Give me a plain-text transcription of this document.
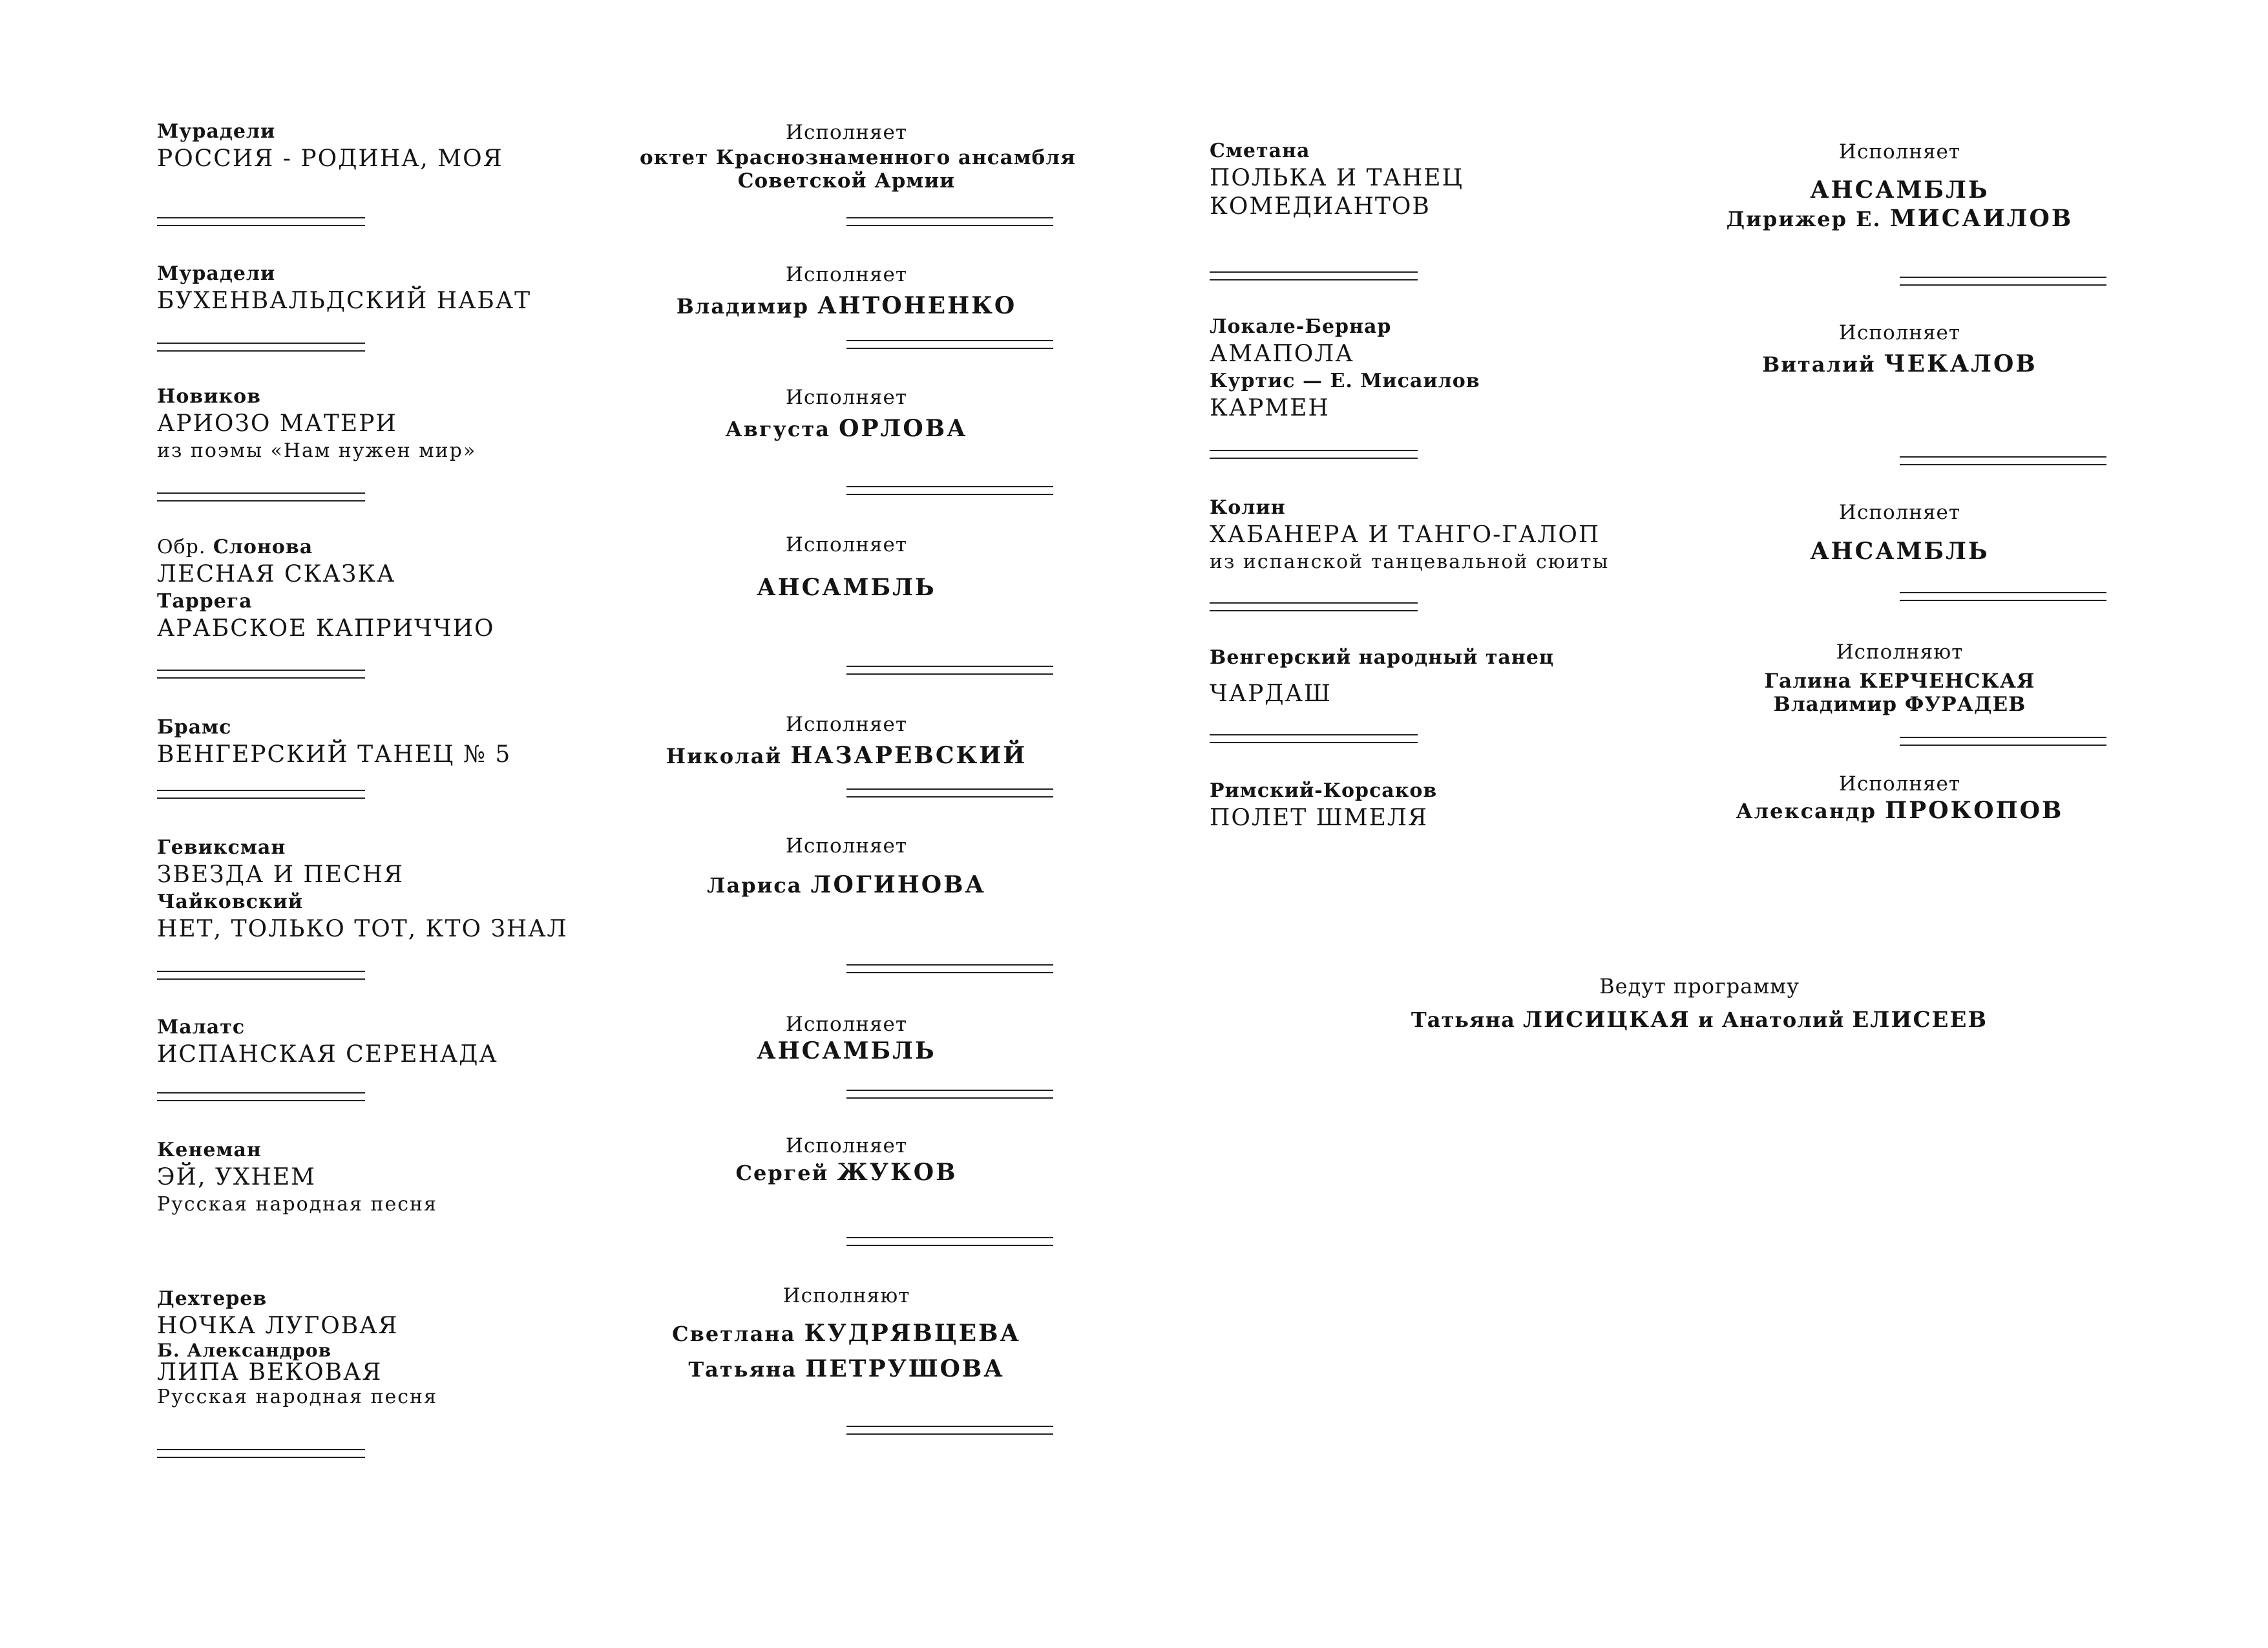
Мурадели
РОССИЯ - РОДИНА, МОЯ
Исполняет
октет Краснознаменного ансамбля
Советской Армии
Мурадели
БУХЕНВАЛЬДСКИЙ НАБАТ
Исполняет
Владимир АНТОНЕНКО
Новиков
АРИОЗО МАТЕРИ
из поэмы «Нам нужен мир»
Исполняет
Августа ОРЛОВА
Обр. Слонова
ЛЕСНАЯ СКАЗКА
Таррега
АРАБСКОЕ КАПРИЧЧИО
Исполняет
АНСАМБЛЬ
Брамс
ВЕНГЕРСКИЙ ТАНЕЦ № 5
Исполняет
Николай НАЗАРЕВСКИЙ
Гевиксман
ЗВЕЗДА И ПЕСНЯ
Чайковский
НЕТ, ТОЛЬКО ТОТ, КТО ЗНАЛ
Исполняет
Лариса ЛОГИНОВА
Малатс
ИСПАНСКАЯ СЕРЕНАДА
Исполняет
АНСАМБЛЬ
Кенеман
ЭЙ, УХНЕМ
Русская народная песня
Исполняет
Сергей ЖУКОВ
Дехтерев
НОЧКА ЛУГОВАЯ
Б. Александров
ЛИПА ВЕКОВАЯ
Русская народная песня
Исполняют
Светлана КУДРЯВЦЕВА
Татьяна ПЕТРУШОВА
Сметана
ПОЛЬКА И ТАНЕЦ
КОМЕДИАНТОВ
Исполняет
АНСАМБЛЬ
Дирижер Е. МИСАИЛОВ
Локале-Бернар
АМАПОЛА
Куртис — Е. Мисаилов
КАРМЕН
Исполняет
Виталий ЧЕКАЛОВ
Колин
ХАБАНЕРА И ТАНГО-ГАЛОП
из испанской танцевальной сюиты
Исполняет
АНСАМБЛЬ
Венгерский народный танец
ЧАРДАШ
Исполняют
Галина КЕРЧЕНСКАЯ
Владимир ФУРАДЕВ
Римский-Корсаков
ПОЛЕТ ШМЕЛЯ
Исполняет
Александр ПРОКОПОВ
Ведут программу
Татьяна ЛИСИЦКАЯ и Анатолий ЕЛИСЕЕВ
